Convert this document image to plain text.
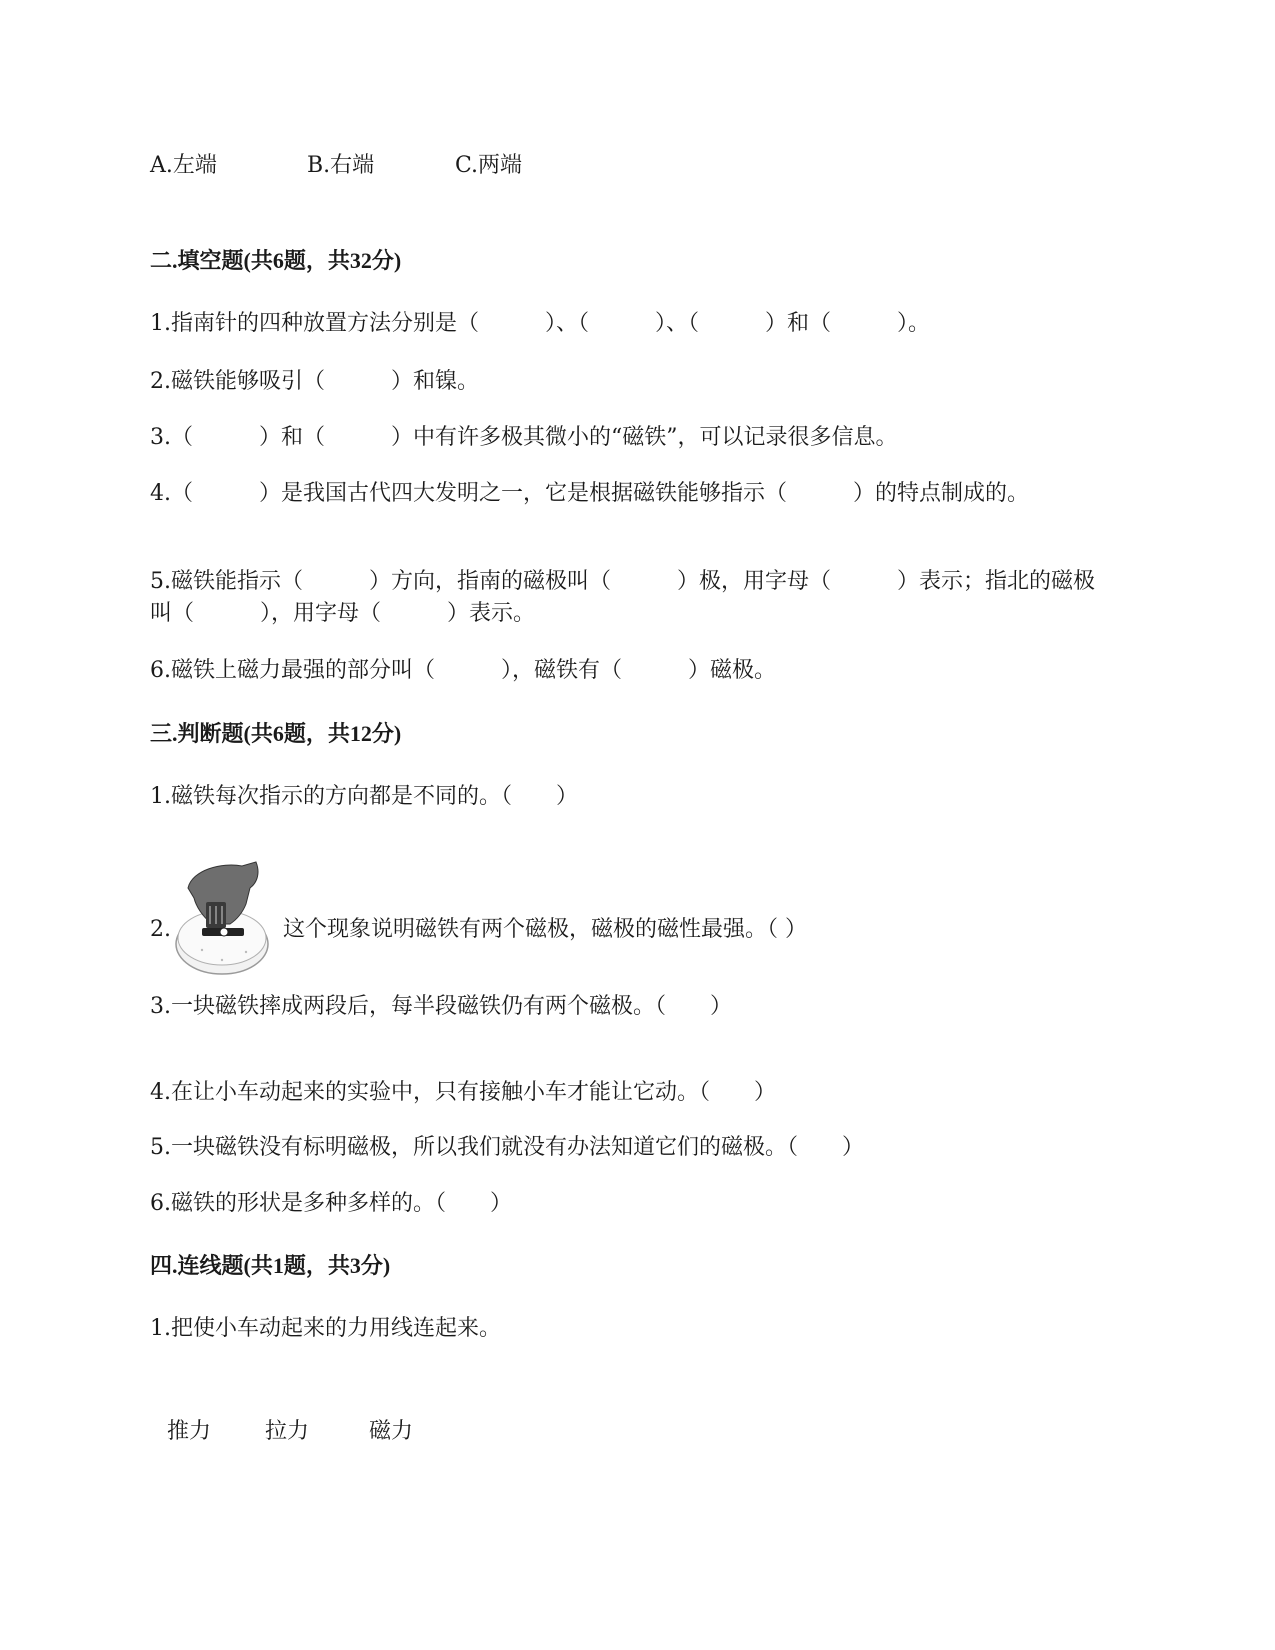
A.左端	B.右端	C.两端
二.填空题(共6题，共32分)
1.指南针的四种放置方法分别是（　　　）、（　　　）、（　　　）和（　　　）。
2.磁铁能够吸引（　　　）和镍。
3.（　　　）和（　　　）中有许多极其微小的“磁铁”，可以记录很多信息。
4.（　　　）是我国古代四大发明之一，它是根据磁铁能够指示（　　　）的特点制成的。
5.磁铁能指示（　　　）方向，指南的磁极叫（　　　）极，用字母（　　　）表示；指北的磁极叫（　　　），用字母（　　　）表示。
6.磁铁上磁力最强的部分叫（　　　），磁铁有（　　　）磁极。
三.判断题(共6题，共12分)
1.磁铁每次指示的方向都是不同的。（　　）
2.	这个现象说明磁铁有两个磁极，磁极的磁性最强。（ ）
3.一块磁铁摔成两段后，每半段磁铁仍有两个磁极。（　　）
4.在让小车动起来的实验中，只有接触小车才能让它动。（　　）
5.一块磁铁没有标明磁极，所以我们就没有办法知道它们的磁极。（　　）
6.磁铁的形状是多种多样的。（　　）
四.连线题(共1题，共3分)
1.把使小车动起来的力用线连起来。
推力 拉力	磁力
